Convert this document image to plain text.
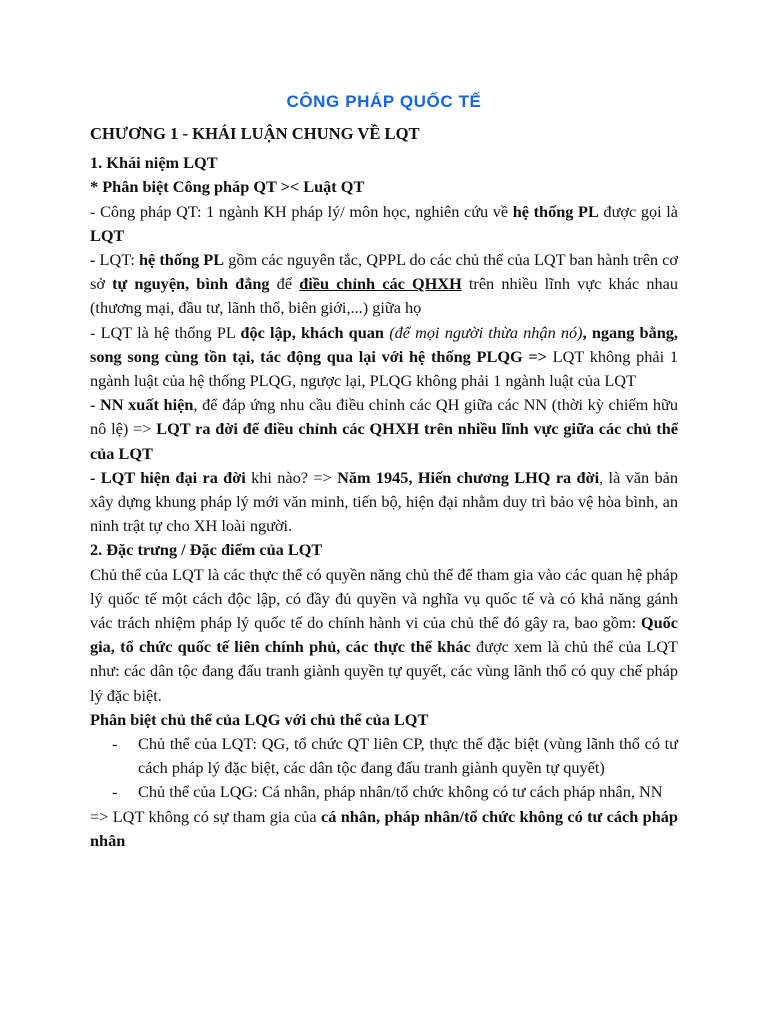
CÔNG PHÁP QUỐC TẾ

CHƯƠNG 1 - KHÁI LUẬN CHUNG VỀ LQT

1. Khái niệm LQT

* Phân biệt Công pháp QT >< Luật QT

- Công pháp QT: 1 ngành KH pháp lý/ môn học, nghiên cứu về hệ thống PL được gọi là LQT

- LQT: hệ thống PL gồm các nguyên tắc, QPPL do các chủ thể của LQT ban hành trên cơ sở tự nguyện, bình đẳng để điều chỉnh các QHXH trên nhiều lĩnh vực khác nhau (thương mại, đầu tư, lãnh thổ, biên giới,...) giữa họ

- LQT là hệ thống PL độc lập, khách quan (để mọi người thừa nhận nó), ngang bằng, song song cùng tồn tại, tác động qua lại với hệ thống PLQG => LQT không phải 1 ngành luật của hệ thống PLQG, ngược lại, PLQG không phải 1 ngành luật của LQT

- NN xuất hiện, để đáp ứng nhu cầu điều chỉnh các QH giữa các NN (thời kỳ chiếm hữu nô lệ) => LQT ra đời để điều chỉnh các QHXH trên nhiều lĩnh vực giữa các chủ thể của LQT

- LQT hiện đại ra đời khi nào? => Năm 1945, Hiến chương LHQ ra đời, là văn bản xây dựng khung pháp lý mới văn minh, tiến bộ, hiện đại nhằm duy trì bảo vệ hòa bình, an ninh trật tự cho XH loài người.

2. Đặc trưng / Đặc điểm của LQT

Chủ thể của LQT là các thực thể có quyền năng chủ thể để tham gia vào các quan hệ pháp lý quốc tế một cách độc lập, có đầy đủ quyền và nghĩa vụ quốc tế và có khả năng gánh vác trách nhiệm pháp lý quốc tế do chính hành vi của chủ thể đó gây ra, bao gồm: Quốc gia, tổ chức quốc tế liên chính phủ, các thực thể khác được xem là chủ thể của LQT như: các dân tộc đang đấu tranh giành quyền tự quyết, các vùng lãnh thổ có quy chế pháp lý đặc biệt.

Phân biệt chủ thể của LQG với chủ thể của LQT

- Chủ thể của LQT: QG, tổ chức QT liên CP, thực thể đặc biệt (vùng lãnh thổ có tư cách pháp lý đặc biệt, các dân tộc đang đấu tranh giành quyền tự quyết)
- Chủ thể của LQG: Cá nhân, pháp nhân/tổ chức không có tư cách pháp nhân, NN

=> LQT không có sự tham gia của cá nhân, pháp nhân/tổ chức không có tư cách pháp nhân
